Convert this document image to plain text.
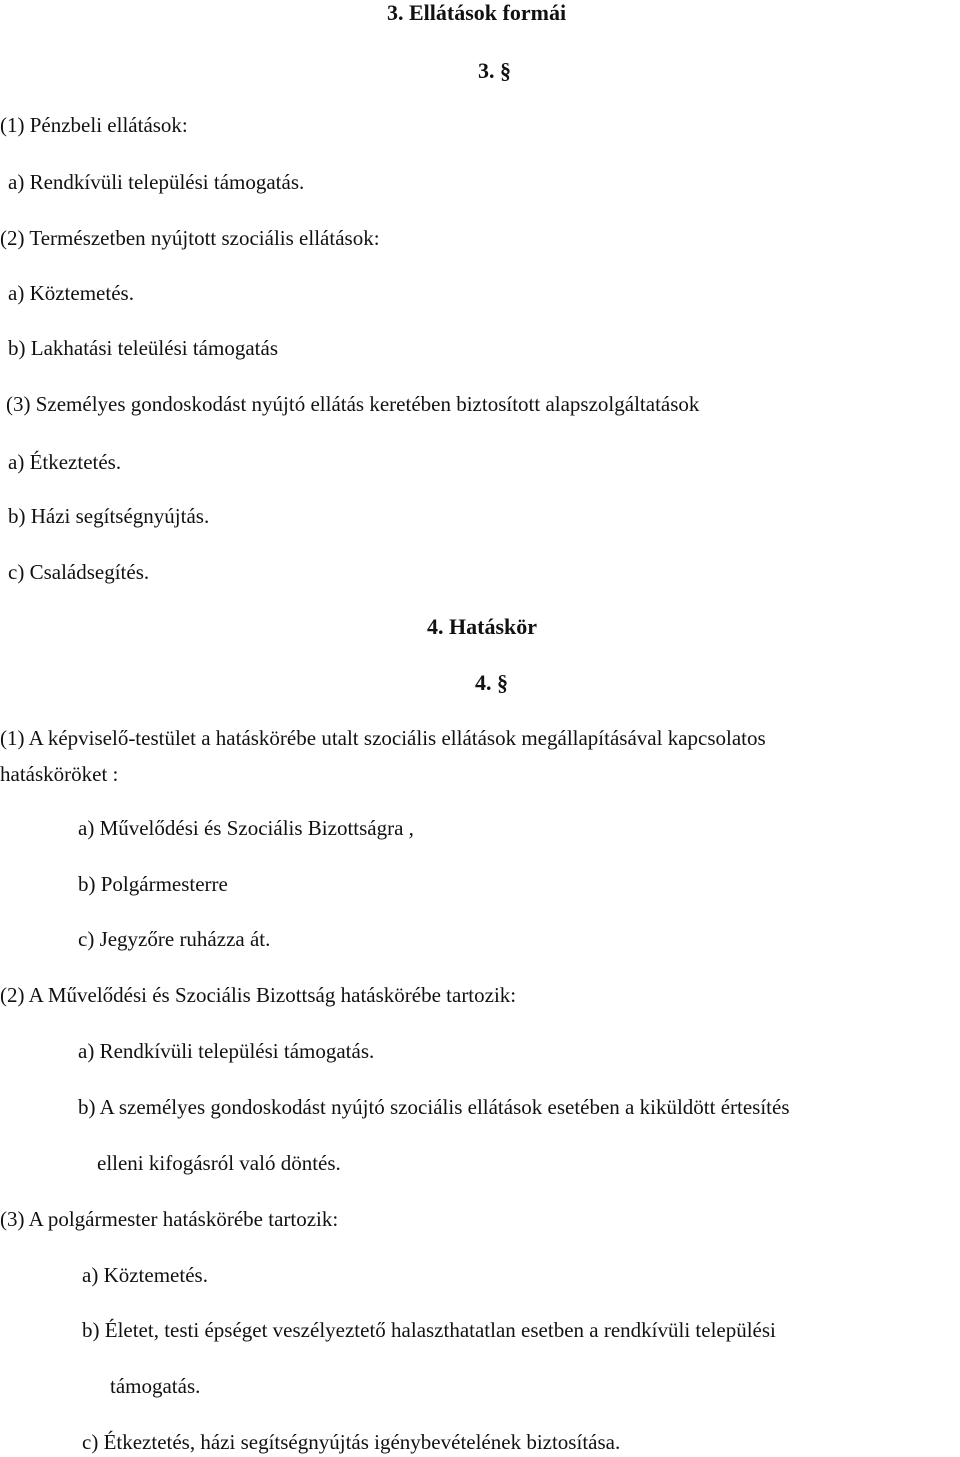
3. Ellátások formái
3. §
(1) Pénzbeli ellátások:
a) Rendkívüli települési támogatás.
(2) Természetben nyújtott szociális ellátások:
a) Köztemetés.
b) Lakhatási teleülési támogatás
(3) Személyes gondoskodást nyújtó ellátás keretében biztosított alapszolgáltatások
a) Étkeztetés.
b) Házi segítségnyújtás.
c) Családsegítés.
4. Hatáskör
4. §
(1) A képviselő-testület a hatáskörébe utalt szociális ellátások megállapításával kapcsolatos
hatásköröket :
a) Művelődési és Szociális Bizottságra ,
b) Polgármesterre
c) Jegyzőre ruházza át.
(2) A Művelődési és Szociális Bizottság hatáskörébe tartozik:
a) Rendkívüli települési támogatás.
b) A személyes gondoskodást nyújtó szociális ellátások esetében a kiküldött értesítés
elleni kifogásról való döntés.
(3) A polgármester hatáskörébe tartozik:
a) Köztemetés.
b) Életet, testi épséget veszélyeztető halaszthatatlan esetben a rendkívüli települési
támogatás.
c) Étkeztetés, házi segítségnyújtás igénybevételének biztosítása.
